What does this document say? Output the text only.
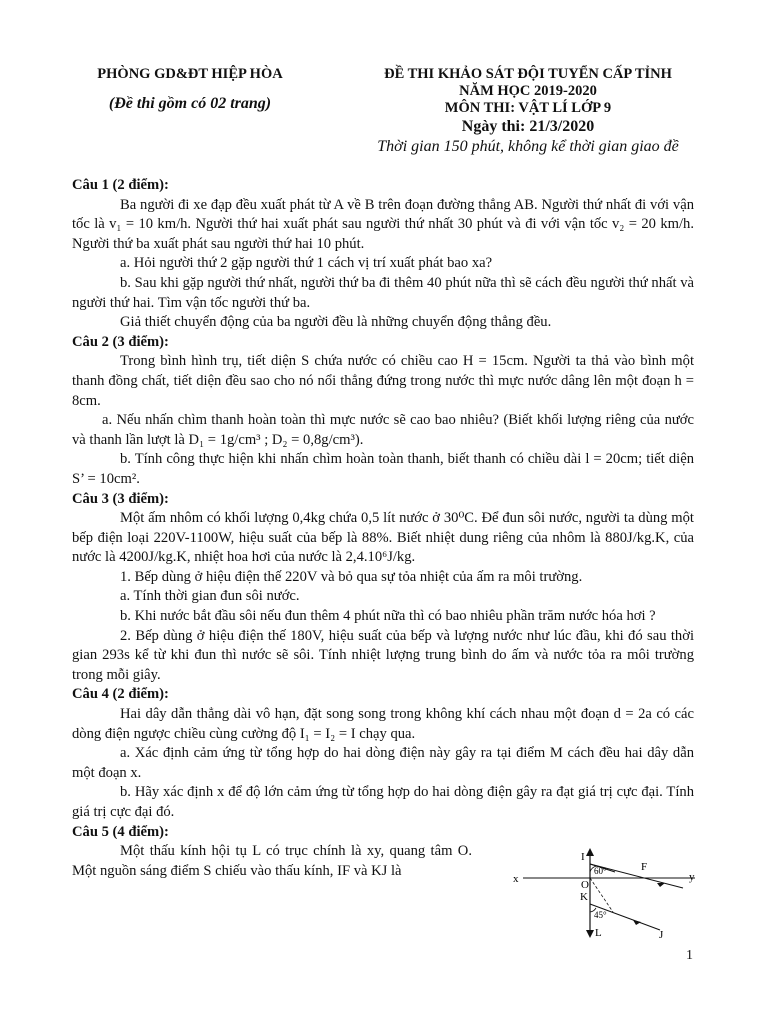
PHÒNG GD&ĐT HIỆP HÒA
(Đề thi gồm có 02 trang)
ĐỀ THI KHẢO SÁT ĐỘI TUYỂN CẤP TỈNH
NĂM HỌC 2019-2020
MÔN THI: VẬT LÍ LỚP 9
Ngày thi: 21/3/2020
Thời gian 150 phút, không kể thời gian giao đề
Câu 1 (2 điểm):

Ba người đi xe đạp đều xuất phát từ A về B trên đoạn đường thẳng AB. Người thứ nhất đi với vận tốc là v₁ = 10 km/h. Người thứ hai xuất phát sau người thứ nhất 30 phút và đi với vận tốc v₂ = 20 km/h. Người thứ ba xuất phát sau người thứ hai 10 phút.

a. Hỏi người thứ 2 gặp người thứ 1 cách vị trí xuất phát bao xa?

b. Sau khi gặp người thứ nhất, người thứ ba đi thêm 40 phút nữa thì sẽ cách đều người thứ nhất và người thứ hai. Tìm vận tốc người thứ ba.

Giả thiết chuyển động của ba người đều là những chuyển động thẳng đều.

Câu 2 (3 điểm):

Trong bình hình trụ, tiết diện S chứa nước có chiều cao H = 15cm. Người ta thả vào bình một thanh đồng chất, tiết diện đều sao cho nó nổi thẳng đứng trong nước thì mực nước dâng lên một đoạn h = 8cm.

a. Nếu nhấn chìm thanh hoàn toàn thì mực nước sẽ cao bao nhiêu? (Biết khối lượng riêng của nước và thanh lần lượt là D₁ = 1g/cm³ ; D₂ = 0,8g/cm³).

b. Tính công thực hiện khi nhấn chìm hoàn toàn thanh, biết thanh có chiều dài l = 20cm; tiết diện S’ = 10cm².

Câu 3 (3 điểm):

Một ấm nhôm có khối lượng 0,4kg chứa 0,5 lít nước ở 30⁰C. Để đun sôi nước, người ta dùng một bếp điện loại 220V-1100W, hiệu suất của bếp là 88%. Biết nhiệt dung riêng của nhôm là 880J/kg.K, của nước là 4200J/kg.K, nhiệt hoa hơi của nước là 2,4.10⁶J/kg.

1. Bếp dùng ở hiệu điện thế 220V và bỏ qua sự tỏa nhiệt của ấm ra môi trường.

a. Tính thời gian đun sôi nước.

b. Khi nước bắt đầu sôi nếu đun thêm 4 phút nữa thì có bao nhiêu phần trăm nước hóa hơi ?

2. Bếp dùng ở hiệu điện thế 180V, hiệu suất của bếp và lượng nước như lúc đầu, khi đó sau thời gian 293s kể từ khi đun thì nước sẽ sôi. Tính nhiệt lượng trung bình do ấm và nước tỏa ra môi trường trong mỗi giây.

Câu 4 (2 điểm):

Hai dây dẫn thẳng dài vô hạn, đặt song song trong không khí cách nhau một đoạn d = 2a có các dòng điện ngược chiều cùng cường độ I₁ = I₂ = I chạy qua.

a. Xác định cảm ứng từ tổng hợp do hai dòng điện này gây ra tại điểm M cách đều hai dây dẫn một đoạn x.

b. Hãy xác định x để độ lớn cảm ứng từ tổng hợp do hai dòng điện gây ra đạt giá trị cực đại. Tính giá trị cực đại đó.

Câu 5 (4 điểm):

Một thấu kính hội tụ L có trục chính là xy, quang tâm O. Một nguồn sáng điểm S chiếu vào thấu kính, IF và KJ là

x	y
I
O
K
F
L	J
60°
45°
1
